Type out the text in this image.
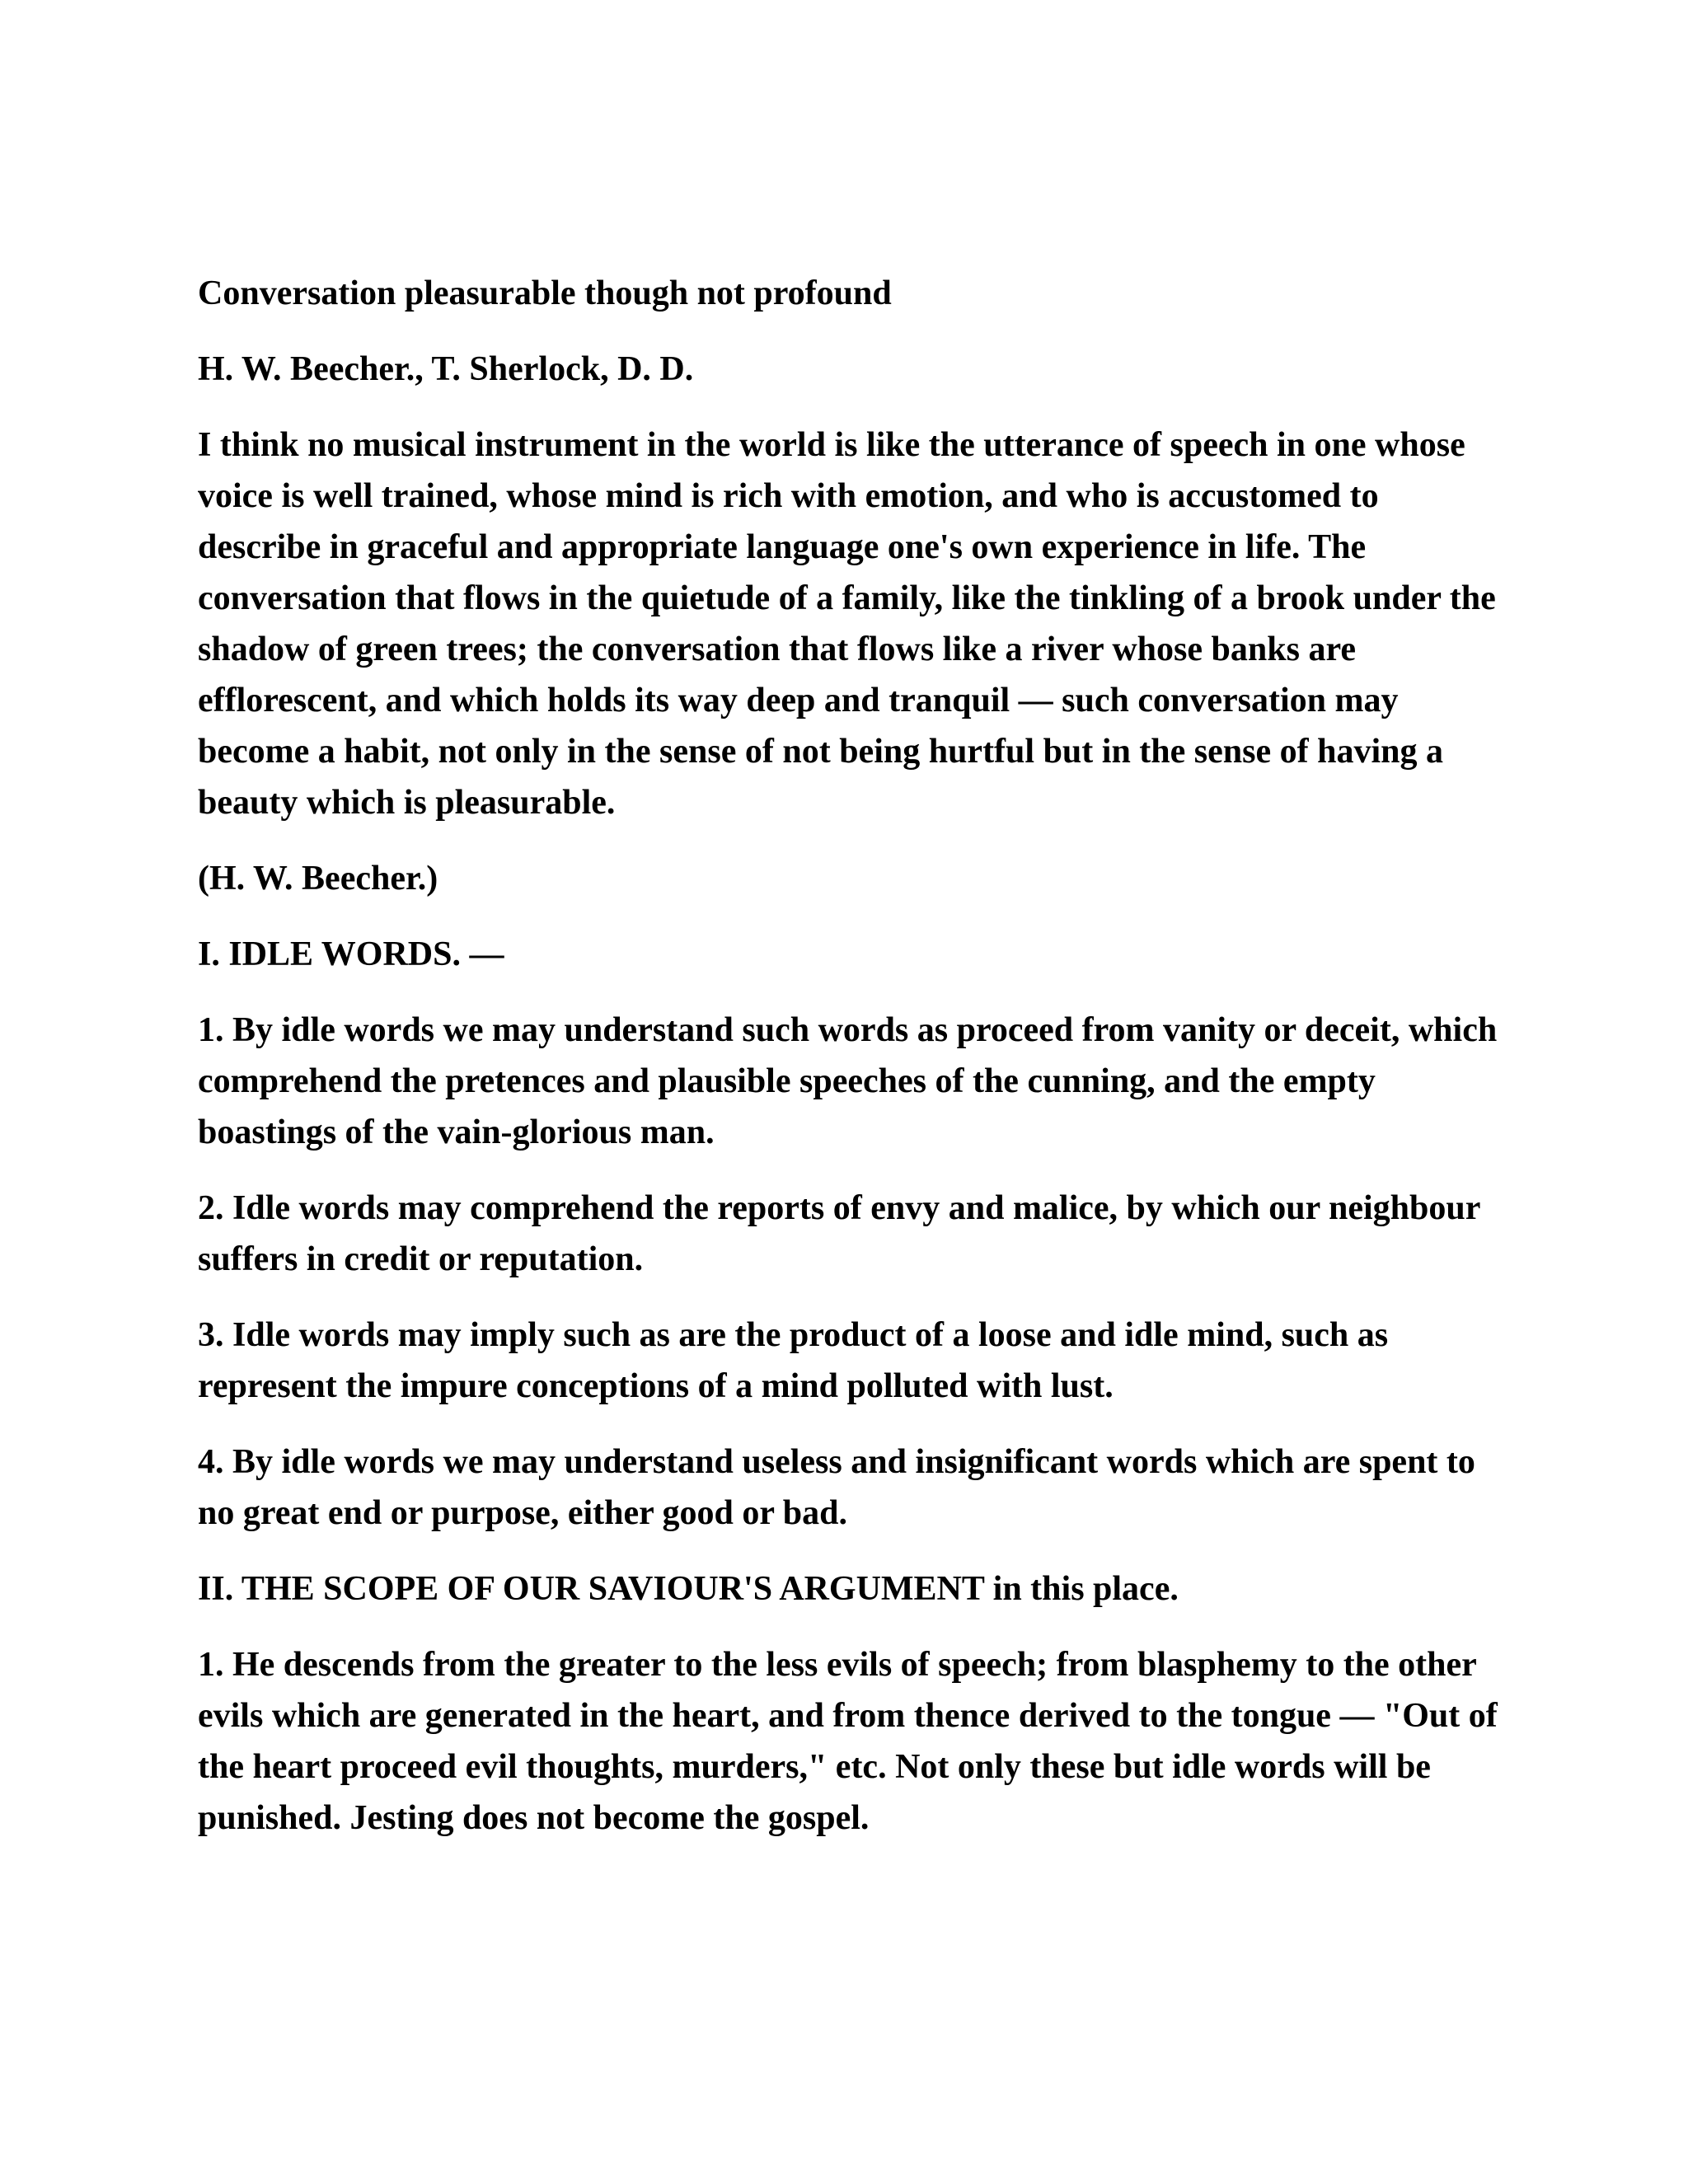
Conversation pleasurable though not profound

H. W. Beecher., T. Sherlock, D. D.

I think no musical instrument in the world is like the utterance of speech in one whose voice is well trained, whose mind is rich with emotion, and who is accustomed to describe in graceful and appropriate language one's own experience in life. The conversation that flows in the quietude of a family, like the tinkling of a brook under the shadow of green trees; the conversation that flows like a river whose banks are efflorescent, and which holds its way deep and tranquil — such conversation may become a habit, not only in the sense of not being hurtful but in the sense of having a beauty which is pleasurable.

(H. W. Beecher.)

I. IDLE WORDS. —

1. By idle words we may understand such words as proceed from vanity or deceit, which comprehend the pretences and plausible speeches of the cunning, and the empty boastings of the vain-glorious man.

2. Idle words may comprehend the reports of envy and malice, by which our neighbour suffers in credit or reputation.

3. Idle words may imply such as are the product of a loose and idle mind, such as represent the impure conceptions of a mind polluted with lust.

4. By idle words we may understand useless and insignificant words which are spent to no great end or purpose, either good or bad.

II. THE SCOPE OF OUR SAVIOUR'S ARGUMENT in this place.

1. He descends from the greater to the less evils of speech; from blasphemy to the other evils which are generated in the heart, and from thence derived to the tongue — "Out of the heart proceed evil thoughts, murders," etc. Not only these but idle words will be punished. Jesting does not become the gospel.
